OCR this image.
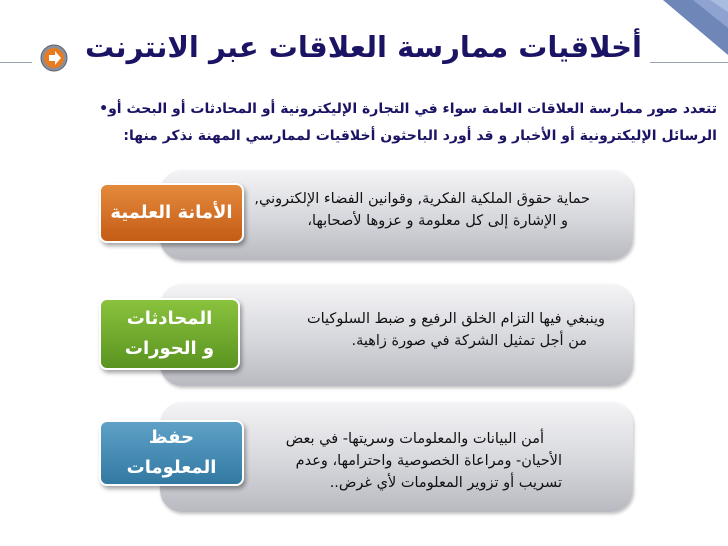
أخلاقيات ممارسة العلاقات عبر الانترنت
تتعدد صور ممارسة العلاقات العامة سواء في التجارة الإليكترونية أو المحادثات أو البحث أو•
الرسائل الإليكترونية أو الأخبار و قد أورد الباحثون أخلاقيات لممارسي المهنة نذكر منها:
حماية حقوق الملكية الفكرية, وقوانين الفضاء الإلكتروني,
و الإشارة إلى كل معلومة و عزوها لأصحابها،
الأمانة العلمية
وينبغي فيها التزام الخلق الرفيع و ضبط السلوكيات
من أجل تمثيل الشركة في صورة زاهية.
المحادثات و الحورات
أمن البيانات والمعلومات وسريتها- في بعض
الأحيان- ومراعاة الخصوصية واحترامها، وعدم
تسريب أو تزوير المعلومات لأي غرض..
حفظ المعلومات
